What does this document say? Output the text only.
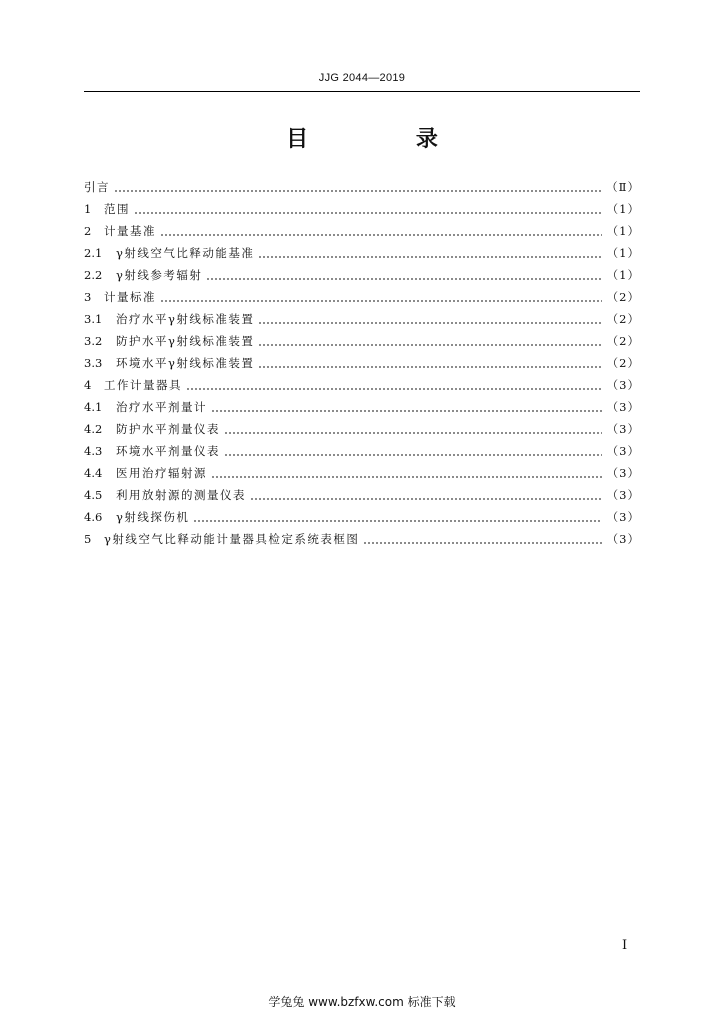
JJG 2044—2019
目 录
引言	（Ⅱ）
1	范围	（1）
2	计量基准	（1）
2.1	γ射线空气比释动能基准	（1）
2.2	γ射线参考辐射	（1）
3	计量标准	（2）
3.1	治疗水平γ射线标准装置	（2）
3.2	防护水平γ射线标准装置	（2）
3.3	环境水平γ射线标准装置	（2）
4	工作计量器具	（3）
4.1	治疗水平剂量计	（3）
4.2	防护水平剂量仪表	（3）
4.3	环境水平剂量仪表	（3）
4.4	医用治疗辐射源	（3）
4.5	利用放射源的测量仪表	（3）
4.6	γ射线探伤机	（3）
5	γ射线空气比释动能计量器具检定系统表框图	（3）
Ⅰ
学兔兔 www.bzfxw.com 标准下载
